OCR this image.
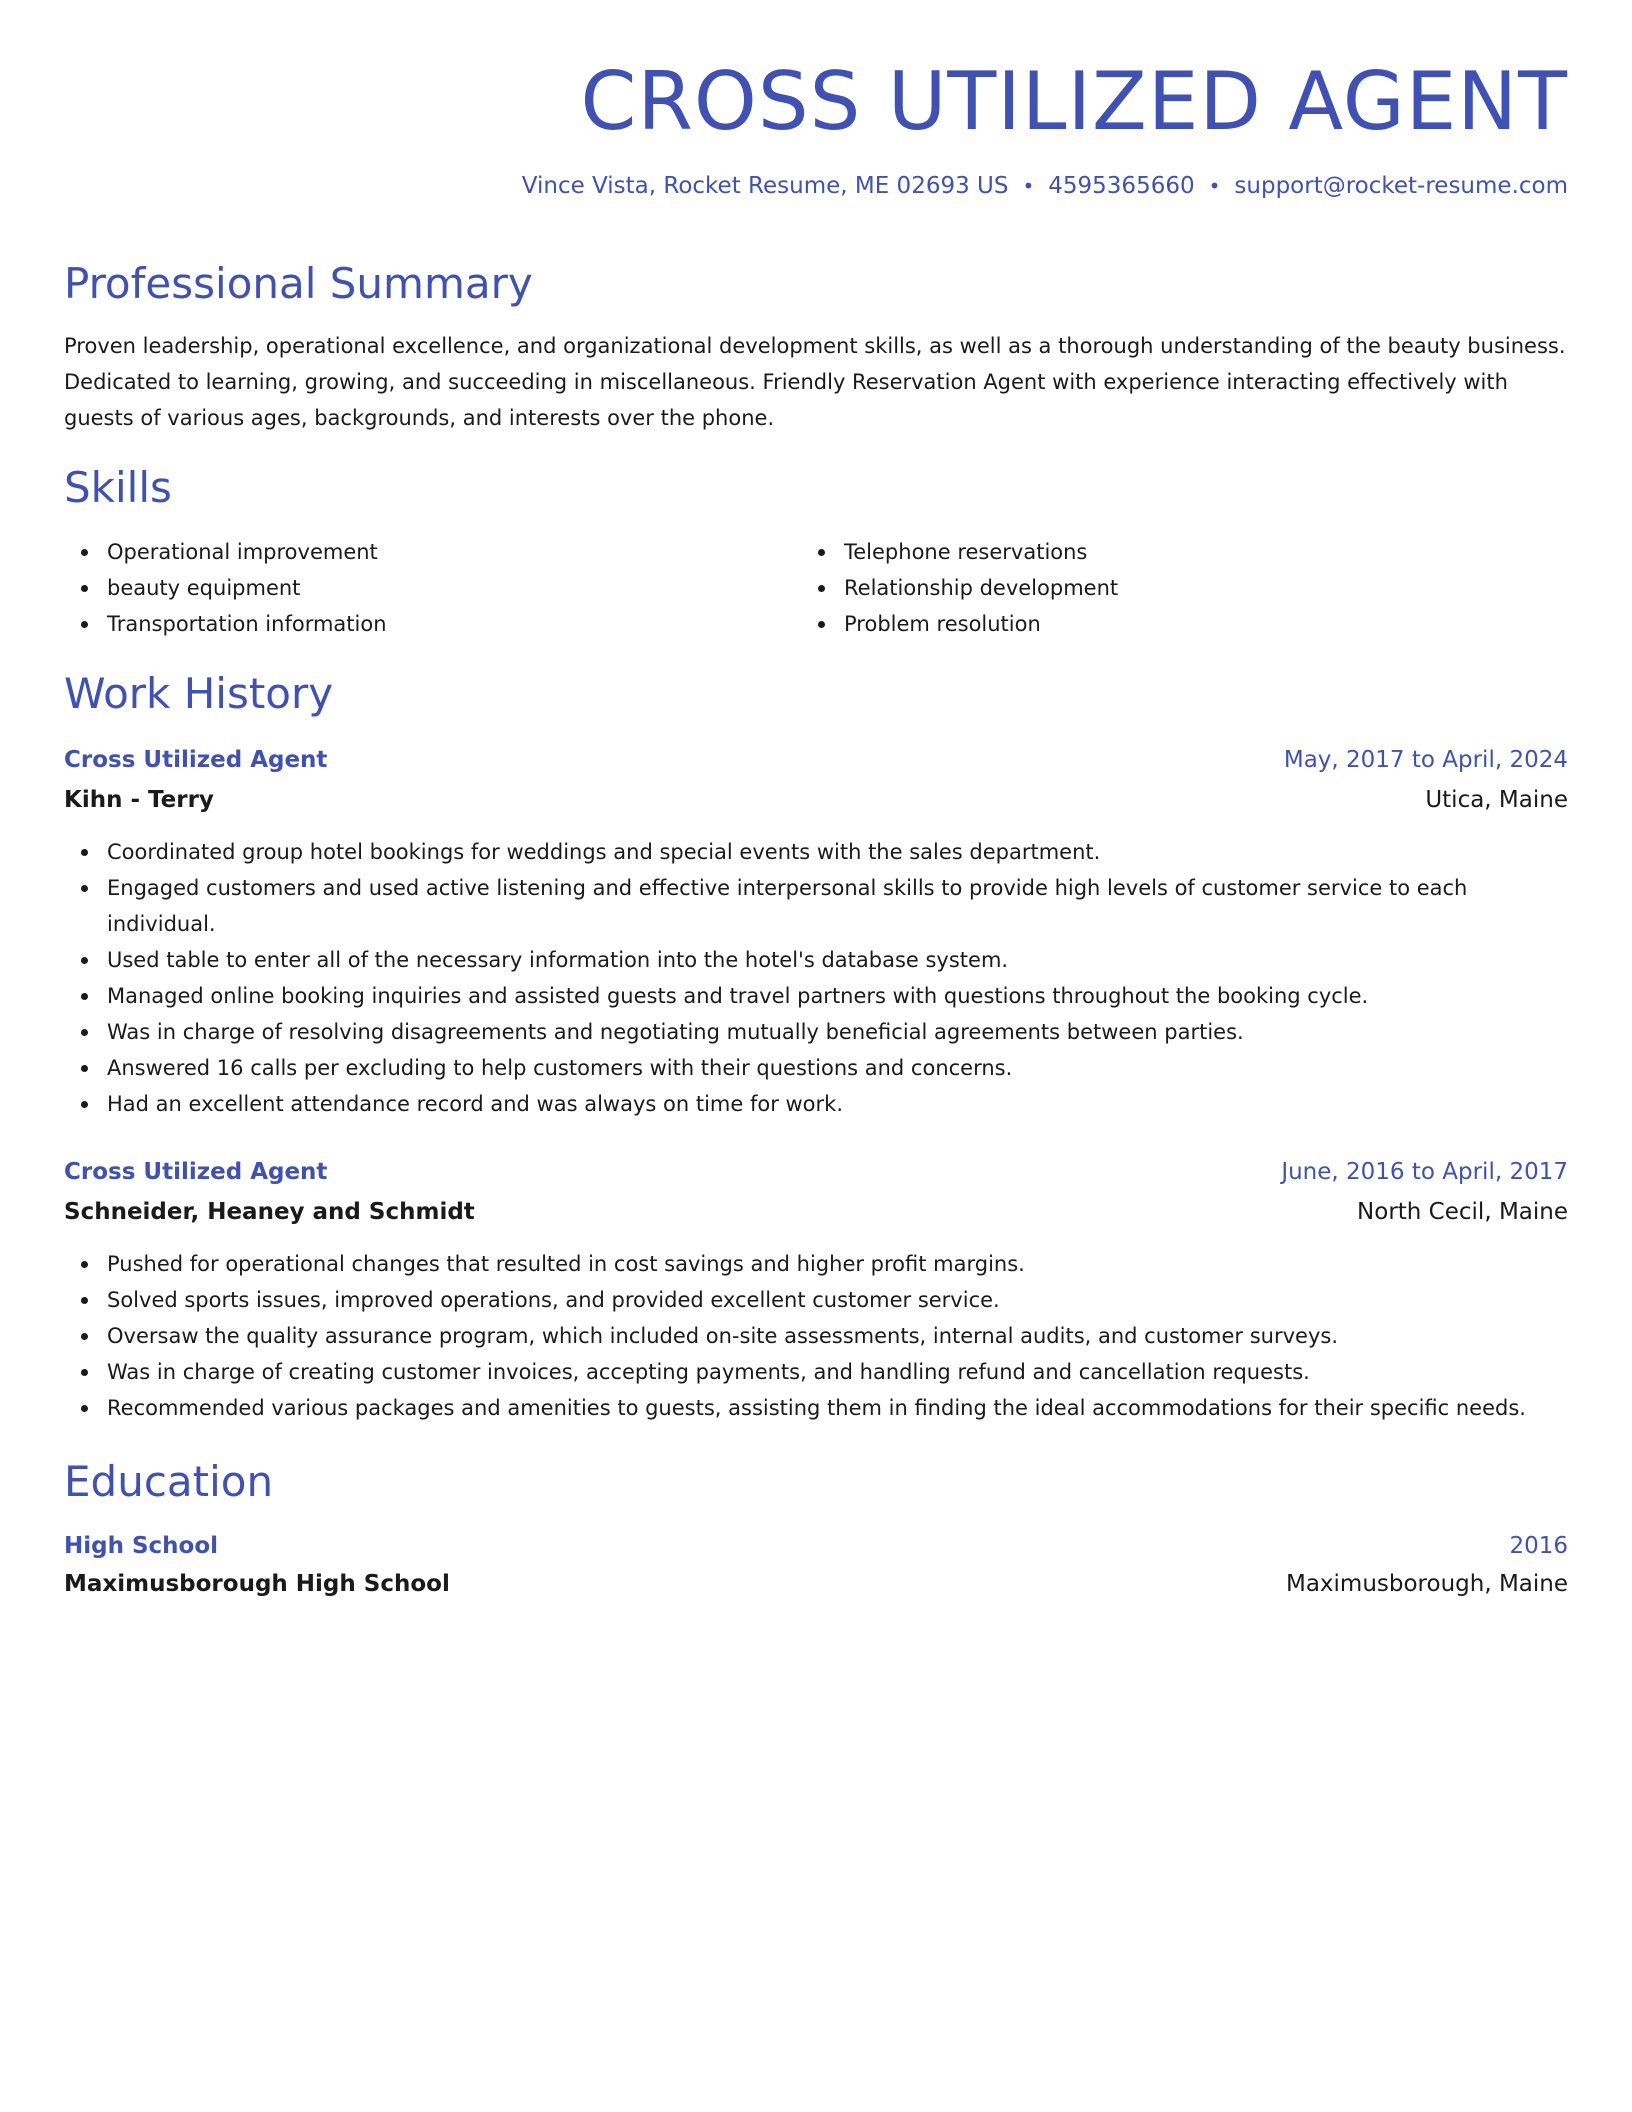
CROSS UTILIZED AGENT
Vince Vista, Rocket Resume, ME 02693 US • 4595365660 • support@rocket-resume.com
Professional Summary

Proven leadership, operational excellence, and organizational development skills, as well as a thorough understanding of the beauty business. Dedicated to learning, growing, and succeeding in miscellaneous. Friendly Reservation Agent with experience interacting effectively with guests of various ages, backgrounds, and interests over the phone.

Skills
Operational improvement
beauty equipment
Transportation information
Telephone reservations
Relationship development
Problem resolution
Work History
Cross Utilized Agent	May, 2017 to April, 2024
Kihn - Terry	Utica, Maine
Coordinated group hotel bookings for weddings and special events with the sales department.
Engaged customers and used active listening and effective interpersonal skills to provide high levels of customer service to each individual.
Used table to enter all of the necessary information into the hotel's database system.
Managed online booking inquiries and assisted guests and travel partners with questions throughout the booking cycle.
Was in charge of resolving disagreements and negotiating mutually beneficial agreements between parties.
Answered 16 calls per excluding to help customers with their questions and concerns.
Had an excellent attendance record and was always on time for work.
Cross Utilized Agent	June, 2016 to April, 2017
Schneider, Heaney and Schmidt	North Cecil, Maine
Pushed for operational changes that resulted in cost savings and higher profit margins.
Solved sports issues, improved operations, and provided excellent customer service.
Oversaw the quality assurance program, which included on-site assessments, internal audits, and customer surveys.
Was in charge of creating customer invoices, accepting payments, and handling refund and cancellation requests.
Recommended various packages and amenities to guests, assisting them in finding the ideal accommodations for their specific needs.
Education
High School	2016
Maximusborough High School	Maximusborough, Maine
